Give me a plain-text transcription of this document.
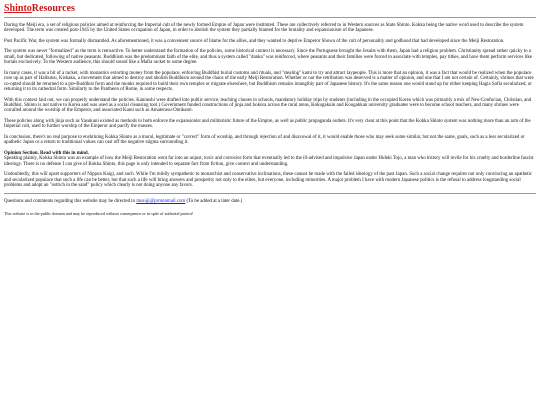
ShintoResources

During the Meiji era, a set of religious policies aimed at reinforcing the Imperial cult of the newly formed Empire of Japan were instituted. These are collectively referred to in Western sources as State Shinto. Kokka being the native word used to describe the system developed. The term was created post-1945 by the United States occupation of Japan, in order to abolish the system they partially blamed for the brutality and expansionism of the Japanese.

Post Pacific War, the system was formally dismantled. As aforementioned, it was a convenient source of blame for the allies, and they wanted to deprive Emperor Showa of the cult of personality and godhood that had developed since the Meiji Restoration.

The system was never "formalized" as the term is retroactive. To better understand the formation of the policies, some historical context is necessary. Since the Portuguese brought the Jesuits with them, Japan had a religion problem. Christianity spread rather quicky to a small, but dedicated, following of native peasants. Buddhism was the predominant faith of the elite, and thus a system called "danka" was reinforced, where peasants and their families were forced to associate with temples, pay tithes, and have them perform services like burials exclusively. To the Western audience, this should sound like a Mafia racket to some degree.

In many cases, it was a bit of a racket, with monastics extorting money from the populace, enforcing Buddhist burial customs and rituals, and "stealing" kami to try and attract laypeople. This is more that an opinion, it was a fact that would be realized when the populace rose up as part of Haibutsu, Kishaku, a movement that aimed to destroy and abolish Buddhism around the chaos of the early Meiji Restoration. Whether or not the retribution was deserved is a matter of opinion, and one that I am not certain of. Certainly, shrines that were co-opted should be returned to a pre-Buddhist form and the monks required to build their own temples or migrate elsewhere, but Buddhism remains intangibly part of Japanese history. It's the same reason one would stand up for either keeping Hagia Sofia secularized, or returning it to its cathedral form. Similarly to the Pantheon of Rome, in some respects.

With this context laid out, we can properly understand the policies. Kannushi were drafted into public service, teaching classes to schools, mandatory holiday trips by students (including in the occupied Korea which was primarily a mix of Neo-Confucian, Christian, and Buddhist. Shinto is not native to Korea and was used as a social cleansing tool.) Government funded constructions of jinja and hokora across the rural areas, Kokugakuin and Kougakkan university graduates were to become school teachers, and many shrines were corralled around the worship of the Emperor, and associated Kami such as Amaterasu-Omikami.

These policies along with jinja such as Yasukuni existed as methods to both enforce the expansionist and militaristic future of the Empire, as well as public propaganda outlets. It's very clear at this point that the Kokka Shinto system was nothing more than an arm of the Imperial cult, used to further worship of the Emperor and pacify the masses.

In conclusion, there's no real purpose to enshrining Kokka Shinto as a moral, legitimate or "correct" form of worship, and through rejection of and disavowal of it, it would enable those who may seek some similar, but not the same, goals, such as a less secularized or apathetic Japan or a return to traditional values can cast off the negative stigma surrounding it.

Opinion Section. Read with this in mind.

Speaking plainly, Kokka Shinto was an example of how the Meiji Restoration went far into an unjust, toxic and corrosive form that eventually led to the ill-advised and impulsive Japan under Hideki Tojo, a man who history will revile for his cruelty and borderline fascist ideology. There is no defense I can give of Kokka Shinto, this page is only intended to separate fact from fiction, give context and understanding.

Undoubtedly, this will upset supporters of Nippon Kaigi, and such. While I'm mildly sympathetic to monarchist and conservative inclinations, these cannot be made with the failed ideology of the past Japan. Such a social change requires not only convincing an apathetic and secularized populace that such a life can be better, but that such a life will bring answers and prosperity not only to the elites, but everyone, including minorities. A major problem I have with modern Japanese politics is the refusal to address longstanding social problems and adopt an "ostrich in the sand" policy which clearly is not doing anyone any favors.

Questions and comments regarding this website may be directed to musuji@protonmail.com (To be added at a later date.)

This website is in the public domain and may be reproduced without consequence or in spite of authorial protest!
